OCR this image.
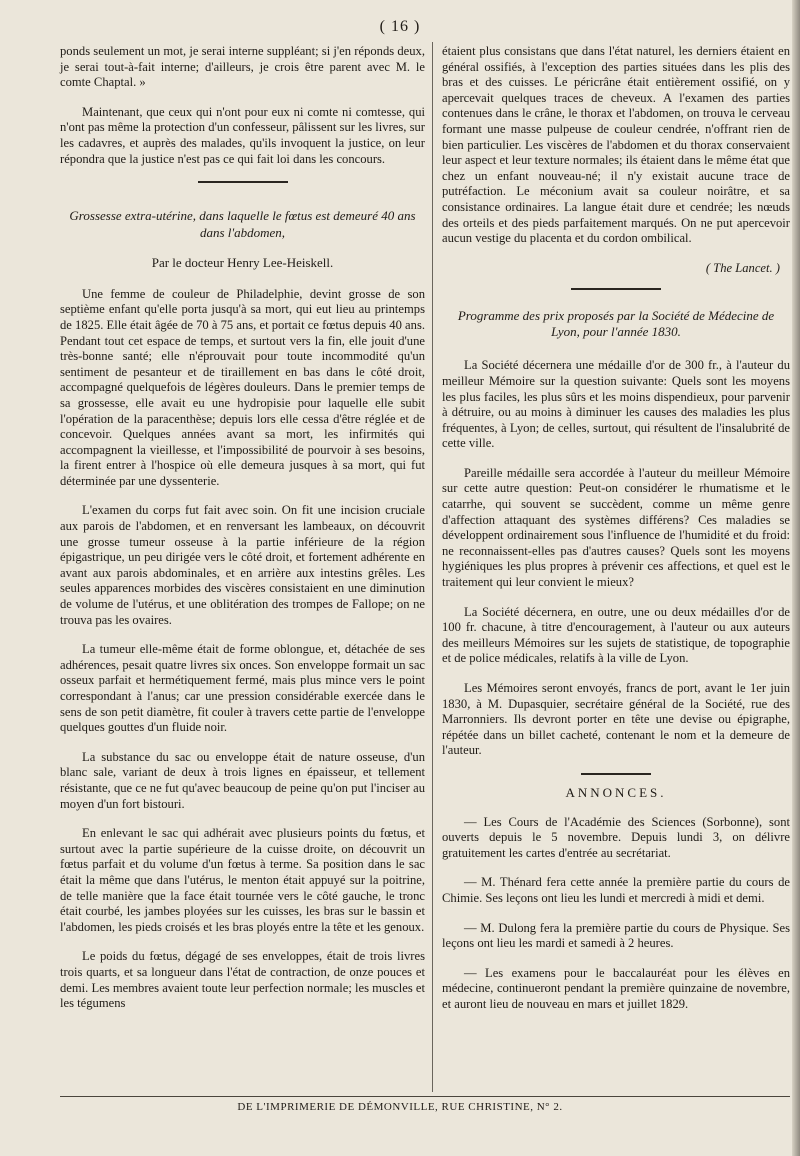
( 16 )

ponds seulement un mot, je serai interne suppléant; si j'en réponds deux, je serai tout-à-fait interne; d'ailleurs, je crois être parent avec M. le comte Chaptal. »

Maintenant, que ceux qui n'ont pour eux ni comte ni comtesse, qui n'ont pas même la protection d'un confesseur, pâlissent sur les livres, sur les cadavres, et auprès des malades, qu'ils invoquent la justice, on leur répondra que la justice n'est pas ce qui fait loi dans les concours.

Grossesse extra-utérine, dans laquelle le fœtus est demeuré 40 ans dans l'abdomen,
Par le docteur Henry Lee-Heiskell.

Une femme de couleur de Philadelphie, devint grosse de son septième enfant qu'elle porta jusqu'à sa mort, qui eut lieu au printemps de 1825. Elle était âgée de 70 à 75 ans, et portait ce fœtus depuis 40 ans. Pendant tout cet espace de temps, et surtout vers la fin, elle jouit d'une très-bonne santé; elle n'éprouvait pour toute incommodité qu'un sentiment de pesanteur et de tiraillement en bas dans le côté droit, accompagné quelquefois de légères douleurs. Dans le premier temps de sa grossesse, elle avait eu une hydropisie pour laquelle elle subit l'opération de la paracenthèse; depuis lors elle cessa d'être réglée et de concevoir. Quelques années avant sa mort, les infirmités qui accompagnent la vieillesse, et l'impossibilité de pourvoir à ses besoins, la firent entrer à l'hospice où elle demeura jusques à sa mort, qui fut déterminée par une dyssenterie.

L'examen du corps fut fait avec soin. On fit une incision cruciale aux parois de l'abdomen, et en renversant les lambeaux, on découvrit une grosse tumeur osseuse à la partie inférieure de la région épigastrique, un peu dirigée vers le côté droit, et fortement adhérente en avant aux parois abdominales, et en arrière aux intestins grêles. Les seules apparences morbides des viscères consistaient en une diminution de volume de l'utérus, et une oblitération des trompes de Fallope; on ne trouva pas les ovaires.

La tumeur elle-même était de forme oblongue, et, détachée de ses adhérences, pesait quatre livres six onces. Son enveloppe formait un sac osseux parfait et hermétiquement fermé, mais plus mince vers le point correspondant à l'anus; car une pression considérable exercée dans le sens de son petit diamètre, fit couler à travers cette partie de l'enveloppe quelques gouttes d'un fluide noir.

La substance du sac ou enveloppe était de nature osseuse, d'un blanc sale, variant de deux à trois lignes en épaisseur, et tellement résistante, que ce ne fut qu'avec beaucoup de peine qu'on put l'inciser au moyen d'un fort bistouri.

En enlevant le sac qui adhérait avec plusieurs points du fœtus, et surtout avec la partie supérieure de la cuisse droite, on découvrit un fœtus parfait et du volume d'un fœtus à terme. Sa position dans le sac était la même que dans l'utérus, le menton était appuyé sur la poitrine, de telle manière que la face était tournée vers le côté gauche, le tronc était courbé, les jambes ployées sur les cuisses, les bras sur le bassin et l'abdomen, les pieds croisés et les bras ployés entre la tête et les genoux.

Le poids du fœtus, dégagé de ses enveloppes, était de trois livres trois quarts, et sa longueur dans l'état de contraction, de onze pouces et demi. Les membres avaient toute leur perfection normale; les muscles et les tégumens

étaient plus consistans que dans l'état naturel, les derniers étaient en général ossifiés, à l'exception des parties situées dans les plis des bras et des cuisses. Le péricrâne était entièrement ossifié, on y apercevait quelques traces de cheveux. A l'examen des parties contenues dans le crâne, le thorax et l'abdomen, on trouva le cerveau formant une masse pulpeuse de couleur cendrée, n'offrant rien de bien particulier. Les viscères de l'abdomen et du thorax conservaient leur aspect et leur texture normales; ils étaient dans le même état que chez un enfant nouveau-né; il n'y existait aucune trace de putréfaction. Le méconium avait sa couleur noirâtre, et sa consistance ordinaires. La langue était dure et cendrée; les nœuds des orteils et des pieds parfaitement marqués. On ne put apercevoir aucun vestige du placenta et du cordon ombilical.

( The Lancet. )
Programme des prix proposés par la Société de Médecine de Lyon, pour l'année 1830.

La Société décernera une médaille d'or de 300 fr., à l'auteur du meilleur Mémoire sur la question suivante: Quels sont les moyens les plus faciles, les plus sûrs et les moins dispendieux, pour parvenir à détruire, ou au moins à diminuer les causes des maladies les plus fréquentes, à Lyon; de celles, surtout, qui résultent de l'insalubrité de cette ville.

Pareille médaille sera accordée à l'auteur du meilleur Mémoire sur cette autre question: Peut-on considérer le rhumatisme et le catarrhe, qui souvent se succèdent, comme un même genre d'affection attaquant des systèmes différens? Ces maladies se développent ordinairement sous l'influence de l'humidité et du froid: ne reconnaissent-elles pas d'autres causes? Quels sont les moyens hygiéniques les plus propres à prévenir ces affections, et quel est le traitement qui leur convient le mieux?

La Société décernera, en outre, une ou deux médailles d'or de 100 fr. chacune, à titre d'encouragement, à l'auteur ou aux auteurs des meilleurs Mémoires sur les sujets de statistique, de topographie et de police médicales, relatifs à la ville de Lyon.

Les Mémoires seront envoyés, francs de port, avant le 1er juin 1830, à M. Dupasquier, secrétaire général de la Société, rue des Marronniers. Ils devront porter en tête une devise ou épigraphe, répétée dans un billet cacheté, contenant le nom et la demeure de l'auteur.

ANNONCES.

— Les Cours de l'Académie des Sciences (Sorbonne), sont ouverts depuis le 5 novembre. Depuis lundi 3, on délivre gratuitement les cartes d'entrée au secrétariat.

— M. Thénard fera cette année la première partie du cours de Chimie. Ses leçons ont lieu les lundi et mercredi à midi et demi.

— M. Dulong fera la première partie du cours de Physique. Ses leçons ont lieu les mardi et samedi à 2 heures.

— Les examens pour le baccalauréat pour les élèves en médecine, continueront pendant la première quinzaine de novembre, et auront lieu de nouveau en mars et juillet 1829.

DE L'IMPRIMERIE DE DÉMONVILLE, RUE CHRISTINE, N° 2.
